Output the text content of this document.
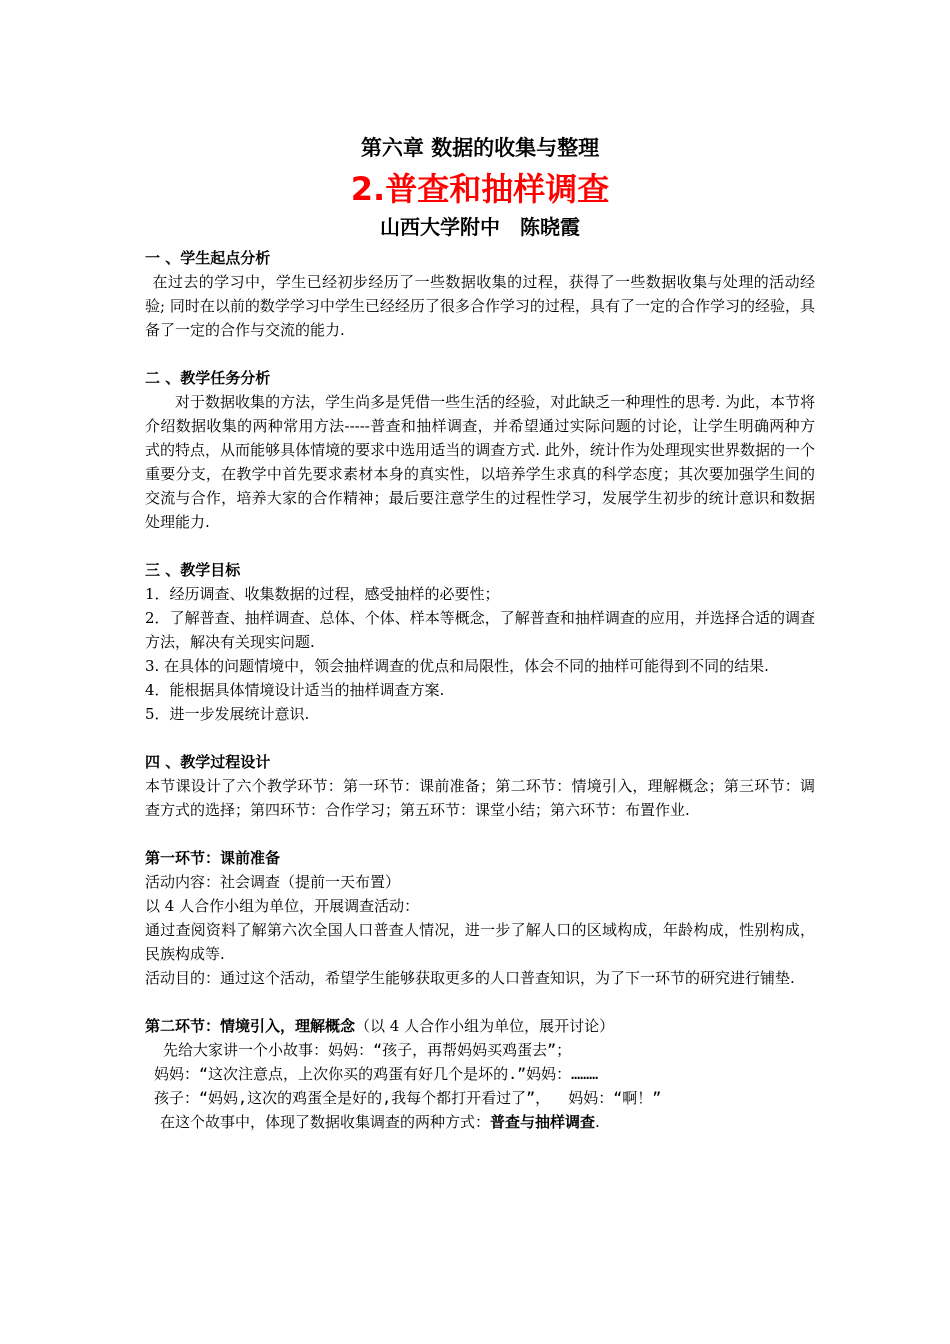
第六章 数据的收集与整理
2.普查和抽样调查
山西大学附中　陈晓霞
一 、学生起点分析

在过去的学习中，学生已经初步经历了一些数据收集的过程，获得了一些数据收集与处理的活动经验; 同时在以前的数学学习中学生已经经历了很多合作学习的过程，具有了一定的合作学习的经验，具备了一定的合作与交流的能力.

二 、教学任务分析

对于数据收集的方法，学生尚多是凭借一些生活的经验，对此缺乏一种理性的思考. 为此，本节将介绍数据收集的两种常用方法-----普查和抽样调查，并希望通过实际问题的讨论，让学生明确两种方式的特点，从而能够具体情境的要求中选用适当的调查方式. 此外，统计作为处理现实世界数据的一个重要分支，在教学中首先要求素材本身的真实性，以培养学生求真的科学态度；其次要加强学生间的交流与合作，培养大家的合作精神；最后要注意学生的过程性学习，发展学生初步的统计意识和数据处理能力.

三 、教学目标

1．经历调查、收集数据的过程，感受抽样的必要性；

2．了解普查、抽样调查、总体、个体、样本等概念，了解普查和抽样调查的应用，并选择合适的调查方法，解决有关现实问题.

3. 在具体的问题情境中，领会抽样调查的优点和局限性，体会不同的抽样可能得到不同的结果.

4．能根据具体情境设计适当的抽样调查方案.

5．进一步发展统计意识.

四 、教学过程设计

本节课设计了六个教学环节：第一环节：课前准备；第二环节：情境引入，理解概念；第三环节：调查方式的选择；第四环节：合作学习；第五环节：课堂小结；第六环节：布置作业.

第一环节：课前准备

活动内容：社会调查（提前一天布置）

以 4 人合作小组为单位，开展调查活动：

通过查阅资料了解第六次全国人口普查人情况，进一步了解人口的区域构成，年龄构成，性别构成，民族构成等.

活动目的：通过这个活动，希望学生能够获取更多的人口普查知识，为了下一环节的研究进行铺垫.

第二环节：情境引入，理解概念（以 4 人合作小组为单位，展开讨论）

先给大家讲一个小故事：妈妈：“孩子，再帮妈妈买鸡蛋去”；
妈妈：“这次注意点，上次你买的鸡蛋有好几个是坏的.”妈妈：………
孩子：“妈妈,这次的鸡蛋全是好的,我每个都打开看过了”，  妈妈：“啊！”

在这个故事中，体现了数据收集调查的两种方式：普查与抽样调查.
